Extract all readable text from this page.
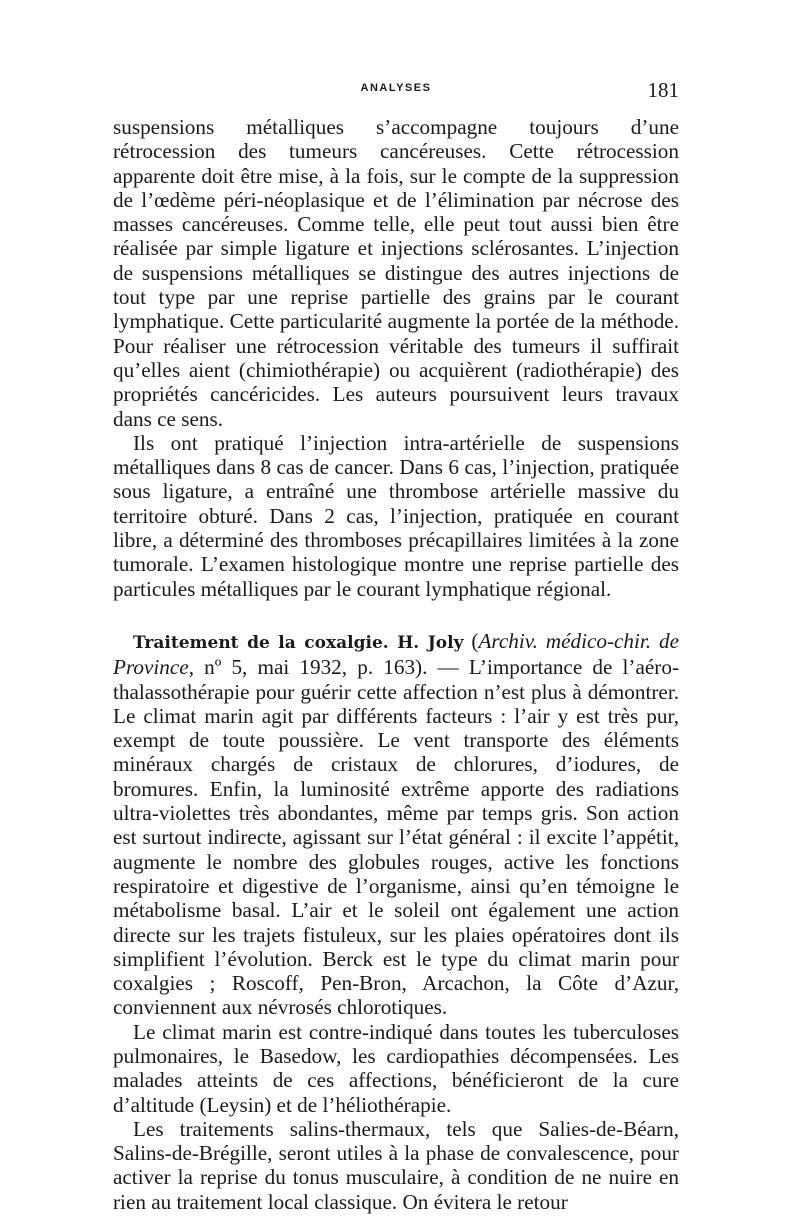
ANALYSES	181

suspensions métalliques s’accompagne toujours d’une rétrocession des tumeurs cancéreuses. Cette rétrocession apparente doit être mise, à la fois, sur le compte de la suppression de l’œdème péri-néoplasique et de l’élimination par nécrose des masses cancéreuses. Comme telle, elle peut tout aussi bien être réalisée par simple ligature et injections sclérosantes. L’injection de suspensions métalliques se distingue des autres injections de tout type par une reprise partielle des grains par le courant lymphatique. Cette particularité augmente la portée de la méthode. Pour réaliser une rétrocession véritable des tumeurs il suffirait qu’elles aient (chimiothérapie) ou acquièrent (radiothérapie) des propriétés cancéricides. Les auteurs poursuivent leurs travaux dans ce sens.

Ils ont pratiqué l’injection intra-artérielle de suspensions métalliques dans 8 cas de cancer. Dans 6 cas, l’injection, pratiquée sous ligature, a entraîné une thrombose artérielle massive du territoire obturé. Dans 2 cas, l’injection, pratiquée en courant libre, a déterminé des thromboses précapillaires limitées à la zone tumorale. L’examen histologique montre une reprise partielle des particules métalliques par le courant lymphatique régional.

Traitement de la coxalgie. H. Joly (Archiv. médico-chir. de Province, nº 5, mai 1932, p. 163). — L’importance de l’aéro-thalassothérapie pour guérir cette affection n’est plus à démontrer. Le climat marin agit par différents facteurs : l’air y est très pur, exempt de toute poussière. Le vent transporte des éléments minéraux chargés de cristaux de chlorures, d’iodures, de bromures. Enfin, la luminosité extrême apporte des radiations ultra-violettes très abondantes, même par temps gris. Son action est surtout indirecte, agissant sur l’état général : il excite l’appétit, augmente le nombre des globules rouges, active les fonctions respiratoire et digestive de l’organisme, ainsi qu’en témoigne le métabolisme basal. L’air et le soleil ont également une action directe sur les trajets fistuleux, sur les plaies opératoires dont ils simplifient l’évolution. Berck est le type du climat marin pour coxalgies ; Roscoff, Pen-Bron, Arcachon, la Côte d’Azur, conviennent aux névrosés chlorotiques.

Le climat marin est contre-indiqué dans toutes les tuberculoses pulmonaires, le Basedow, les cardiopathies décompensées. Les malades atteints de ces affections, bénéficieront de la cure d’altitude (Leysin) et de l’héliothérapie.

Les traitements salins-thermaux, tels que Salies-de-Béarn, Salins-de-Brégille, seront utiles à la phase de convalescence, pour activer la reprise du tonus musculaire, à condition de ne nuire en rien au traitement local classique. On évitera le retour
